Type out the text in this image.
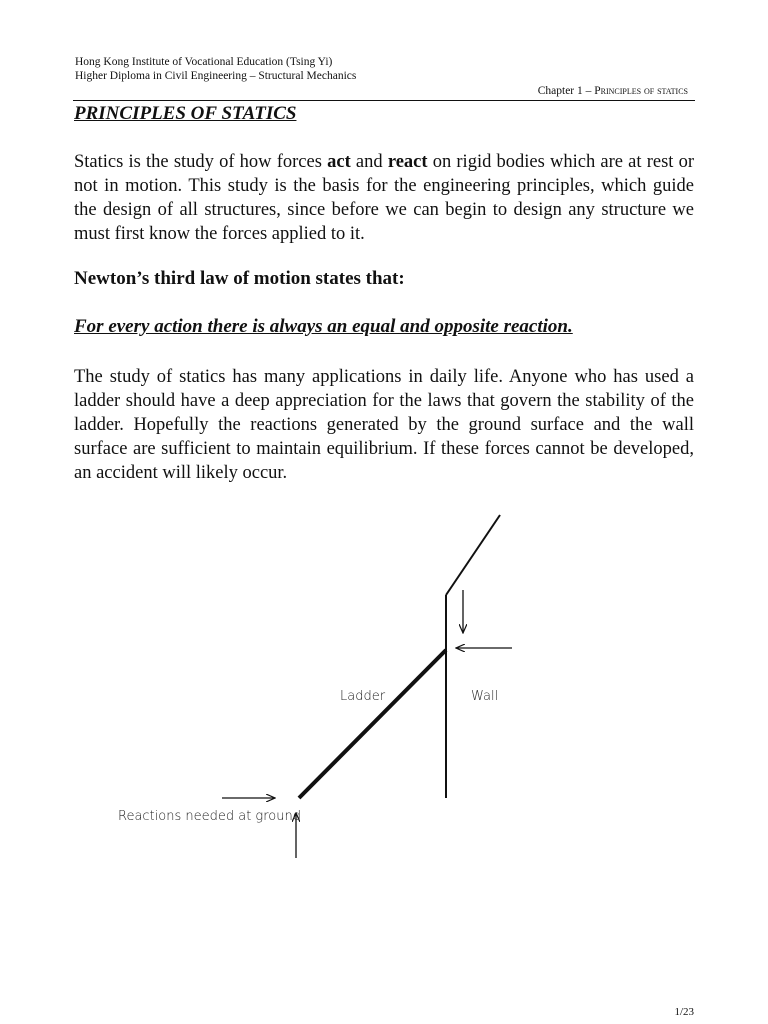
Hong Kong Institute of Vocational Education (Tsing Yi)
Higher Diploma in Civil Engineering – Structural Mechanics
Chapter 1 – Principles of statics
PRINCIPLES OF STATICS

Statics is the study of how forces act and react on rigid bodies which are at rest or not in motion. This study is the basis for the engineering principles, which guide the design of all structures, since before we can begin to design any structure we must first know the forces applied to it.

Newton’s third law of motion states that:
For every action there is always an equal and opposite reaction.

The study of statics has many applications in daily life. Anyone who has used a ladder should have a deep appreciation for the laws that govern the stability of the ladder. Hopefully the reactions generated by the ground surface and the wall surface are sufficient to maintain equilibrium. If these forces cannot be developed, an accident will likely occur.

Ladder	Wall
Reactions needed at ground
1/23
